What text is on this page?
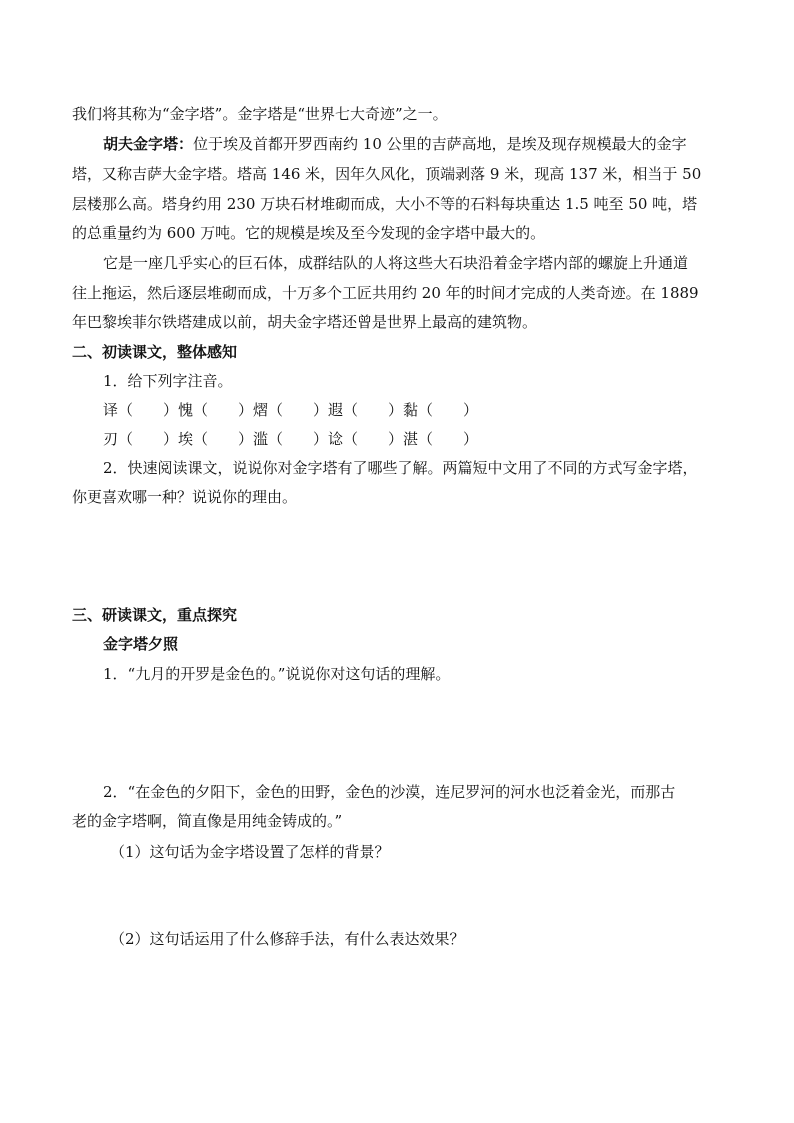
我们将其称为“金字塔”。金字塔是“世界七大奇迹”之一。
胡夫金字塔：位于埃及首都开罗西南约 10 公里的吉萨高地，是埃及现存规模最大的金字
塔，又称吉萨大金字塔。塔高 146 米，因年久风化，顶端剥落 9 米，现高 137 米，相当于 50
层楼那么高。塔身约用 230 万块石材堆砌而成，大小不等的石料每块重达 1.5 吨至 50 吨，塔
的总重量约为 600 万吨。它的规模是埃及至今发现的金字塔中最大的。
它是一座几乎实心的巨石体，成群结队的人将这些大石块沿着金字塔内部的螺旋上升通道
往上拖运，然后逐层堆砌而成，十万多个工匠共用约 20 年的时间才完成的人类奇迹。在 1889
年巴黎埃菲尔铁塔建成以前，胡夫金字塔还曾是世界上最高的建筑物。
二、初读课文，整体感知
1．给下列字注音。
译（　　）愧（　　）熠（　　）遐（　　）黏（　　）
刃（　　）埃（　　）滥（　　）谂（　　）湛（　　）
2．快速阅读课文，说说你对金字塔有了哪些了解。两篇短中文用了不同的方式写金字塔，
你更喜欢哪一种？说说你的理由。
三、研读课文，重点探究
金字塔夕照
1．“九月的开罗是金色的。”说说你对这句话的理解。
2．“在金色的夕阳下，金色的田野，金色的沙漠，连尼罗河的河水也泛着金光，而那古
老的金字塔啊，简直像是用纯金铸成的。”
（1）这句话为金字塔设置了怎样的背景？
（2）这句话运用了什么修辞手法，有什么表达效果？
